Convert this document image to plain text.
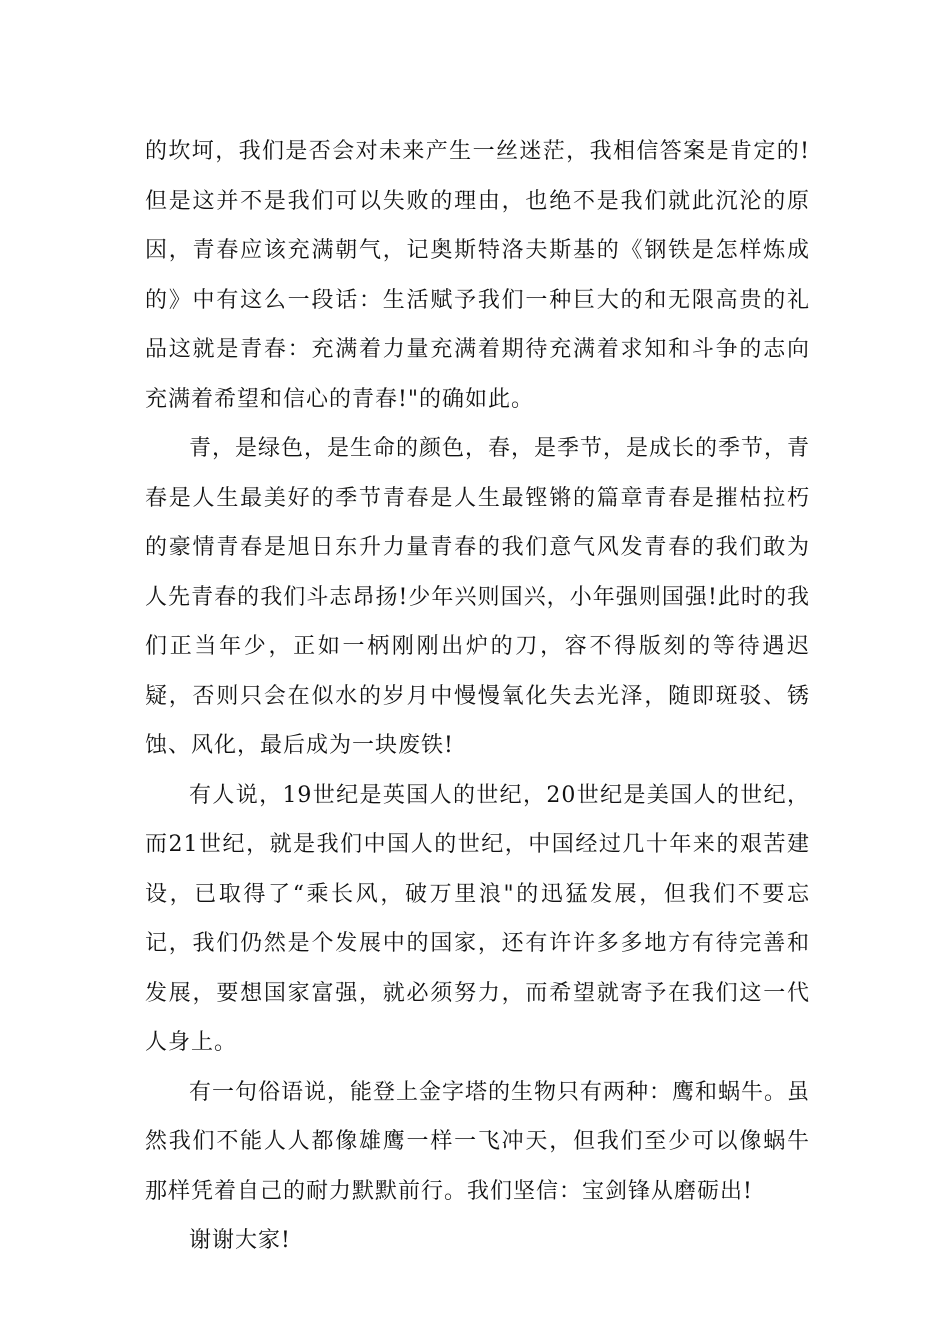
的坎坷，我们是否会对未来产生一丝迷茫，我相信答案是肯定的!但是这并不是我们可以失败的理由，也绝不是我们就此沉沦的原因，青春应该充满朝气，记奥斯特洛夫斯基的《钢铁是怎样炼成的》中有这么一段话：生活赋予我们一种巨大的和无限高贵的礼品这就是青春：充满着力量充满着期待充满着求知和斗争的志向充满着希望和信心的青春!"的确如此。

青，是绿色，是生命的颜色，春，是季节，是成长的季节，青春是人生最美好的季节青春是人生最铿锵的篇章青春是摧枯拉朽的豪情青春是旭日东升力量青春的我们意气风发青春的我们敢为人先青春的我们斗志昂扬!少年兴则国兴，小年强则国强!此时的我们正当年少，正如一柄刚刚出炉的刀，容不得版刻的等待遇迟疑，否则只会在似水的岁月中慢慢氧化失去光泽，随即斑驳、锈蚀、风化，最后成为一块废铁!

有人说，19世纪是英国人的世纪，20世纪是美国人的世纪，而21世纪，就是我们中国人的世纪，中国经过几十年来的艰苦建设，已取得了“乘长风，破万里浪"的迅猛发展，但我们不要忘记，我们仍然是个发展中的国家，还有许许多多地方有待完善和发展，要想国家富强，就必须努力，而希望就寄予在我们这一代人身上。

有一句俗语说，能登上金字塔的生物只有两种：鹰和蜗牛。虽然我们不能人人都像雄鹰一样一飞冲天，但我们至少可以像蜗牛那样凭着自己的耐力默默前行。我们坚信：宝剑锋从磨砺出!

谢谢大家!
